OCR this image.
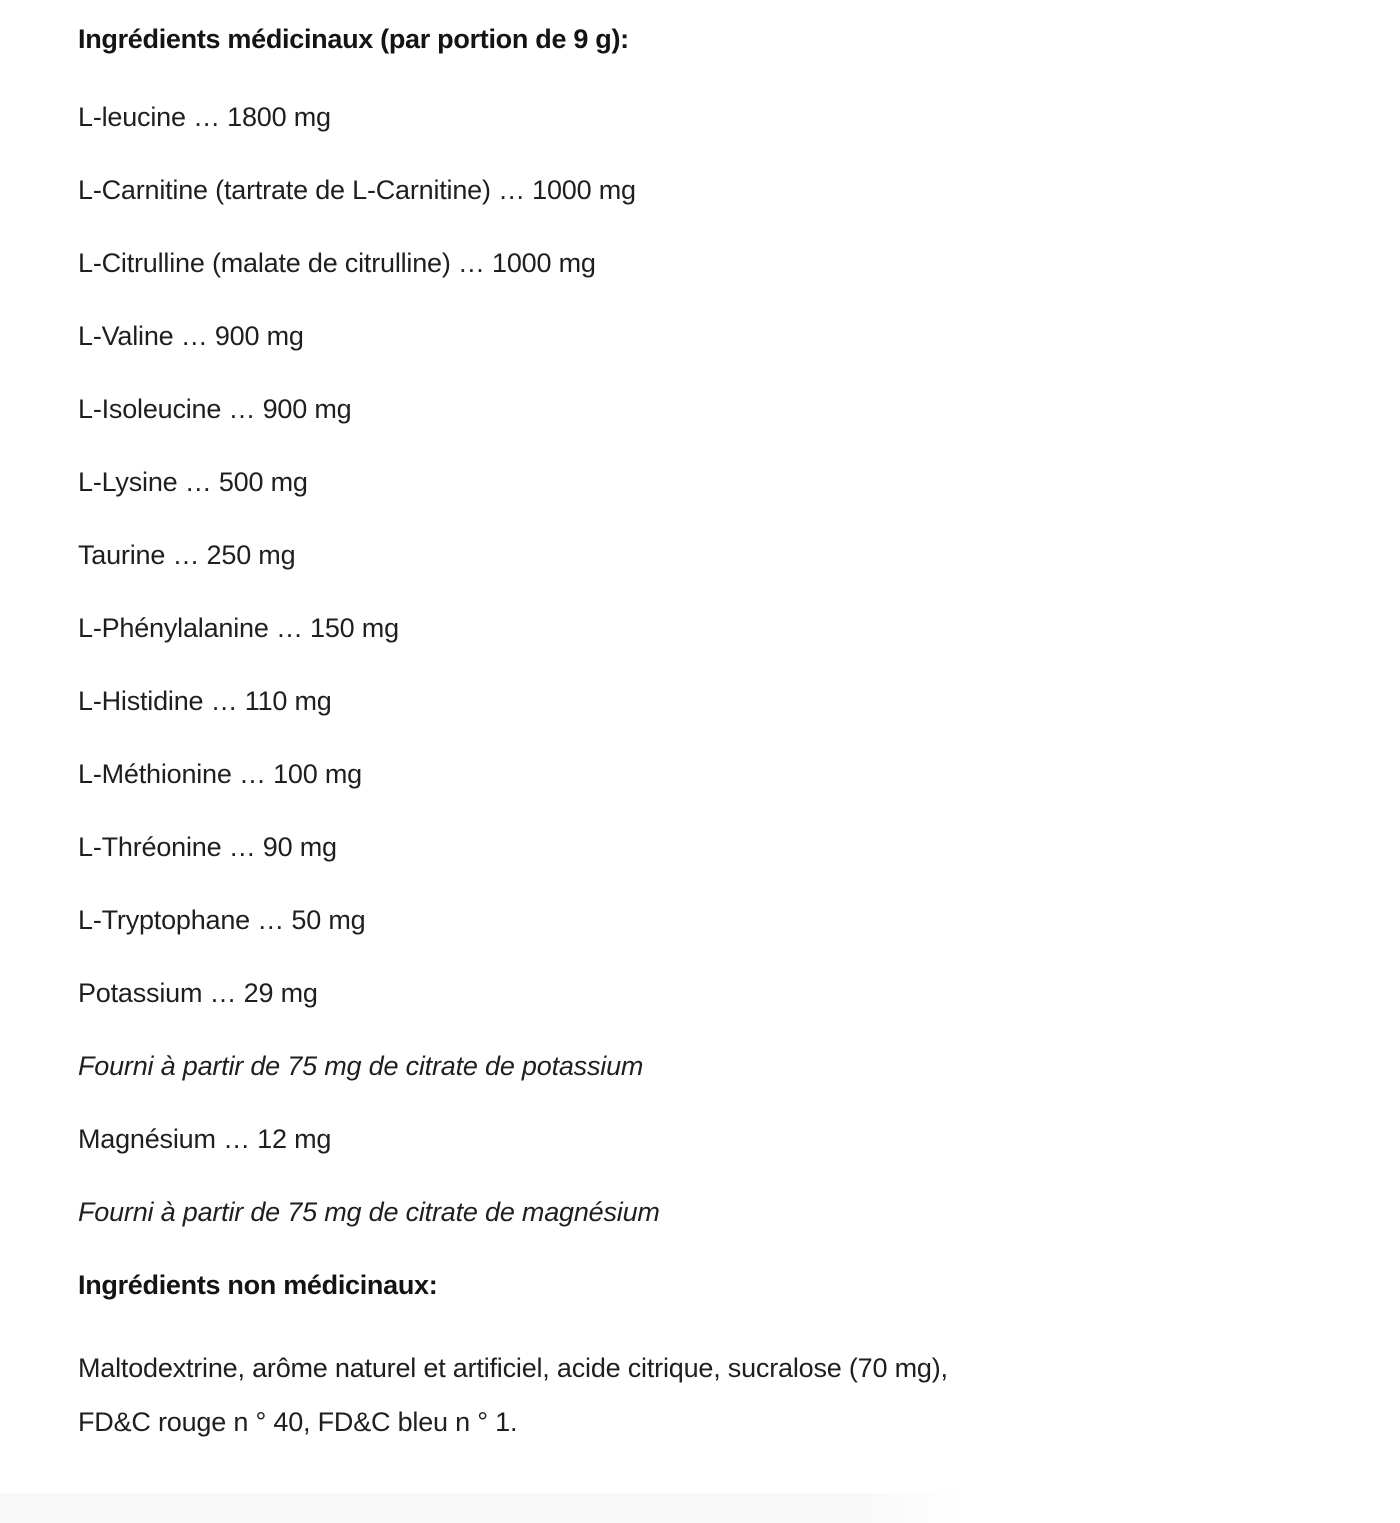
Ingrédients médicinaux (par portion de 9 g):

L-leucine … 1800 mg

L-Carnitine (tartrate de L-Carnitine) … 1000 mg

L-Citrulline (malate de citrulline) … 1000 mg

L-Valine … 900 mg

L-Isoleucine … 900 mg

L-Lysine … 500 mg

Taurine … 250 mg

L-Phénylalanine … 150 mg

L-Histidine … 110 mg

L-Méthionine … 100 mg

L-Thréonine … 90 mg

L-Tryptophane … 50 mg

Potassium … 29 mg

Fourni à partir de 75 mg de citrate de potassium

Magnésium … 12 mg

Fourni à partir de 75 mg de citrate de magnésium

Ingrédients non médicinaux:

Maltodextrine, arôme naturel et artificiel, acide citrique, sucralose (70 mg),
FD&C rouge n ° 40, FD&C bleu n ° 1.
